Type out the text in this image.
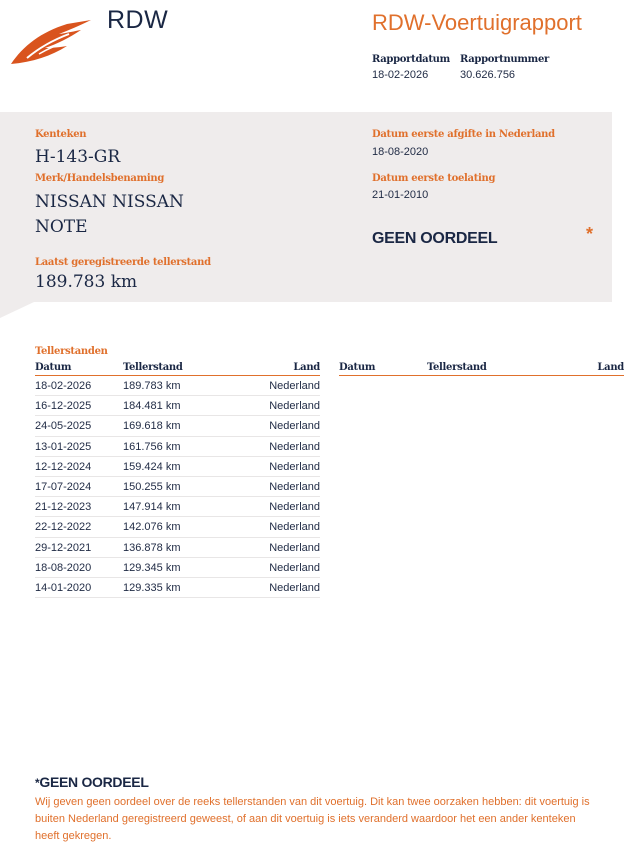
RDW	RDW-Voertuigrapport
Rapportdatum Rapportnummer
18-02-2026	30.626.756
Kenteken
H-143-GR
Merk/Handelsbenaming
NISSAN NISSAN
NOTE
Laatst geregistreerde tellerstand
189.783 km
Datum eerste afgifte in Nederland
18-08-2020
Datum eerste toelating
21-01-2010
GEEN OORDEEL	*
Tellerstanden
Datum	Tellerstand	Land
18-02-2026	189.783 km	Nederland
16-12-2025	184.481 km	Nederland
24-05-2025	169.618 km	Nederland
13-01-2025	161.756 km	Nederland
12-12-2024	159.424 km	Nederland
17-07-2024	150.255 km	Nederland
21-12-2023	147.914 km	Nederland
22-12-2022	142.076 km	Nederland
29-12-2021	136.878 km	Nederland
18-08-2020	129.345 km	Nederland
14-01-2020	129.335 km	Nederland
Datum	Tellerstand	Land
*GEEN OORDEEL
Wij geven geen oordeel over de reeks tellerstanden van dit voertuig. Dit kan twee oorzaken hebben: dit voertuig is buiten Nederland geregistreerd geweest, of aan dit voertuig is iets veranderd waardoor het een ander kenteken heeft gekregen.
